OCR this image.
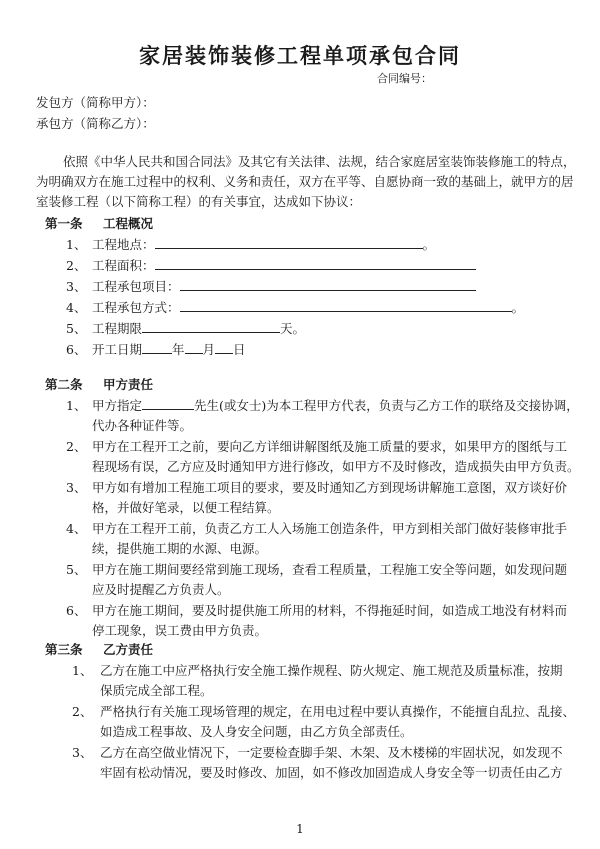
家居装饰装修工程单项承包合同
合同编号：
发包方（简称甲方）：
承包方（简称乙方）：
依照《中华人民共和国合同法》及其它有关法律、法规，结合家庭居室装饰装修施工的特点，
为明确双方在施工过程中的权利、义务和责任，双方在平等、自愿协商一致的基础上，就甲方的居
室装修工程（以下简称工程）的有关事宜，达成如下协议：
第一条 工程概况
1、 工程地点：	。
2、 工程面积：
3、 工程承包项目：
4、 工程承包方式：	。
5、 工程期限	天。
6、 开工日期 年 月 日
第二条 甲方责任
1、 甲方指定	先生(或女士)为本工程甲方代表，负责与乙方工作的联络及交接协调，
代办各种证件等。
2、 甲方在工程开工之前，要向乙方详细讲解图纸及施工质量的要求，如果甲方的图纸与工
程现场有误，乙方应及时通知甲方进行修改，如甲方不及时修改，造成损失由甲方负责。
3、 甲方如有增加工程施工项目的要求，要及时通知乙方到现场讲解施工意图，双方谈好价
格，并做好笔录，以便工程结算。
4、 甲方在工程开工前，负责乙方工人入场施工创造条件，甲方到相关部门做好装修审批手
续，提供施工期的水源、电源。
5、 甲方在施工期间要经常到施工现场，查看工程质量，工程施工安全等问题，如发现问题
应及时提醒乙方负责人。
6、 甲方在施工期间，要及时提供施工所用的材料，不得拖延时间，如造成工地没有材料而
停工现象，误工费由甲方负责。
第三条 乙方责任
1、 乙方在施工中应严格执行安全施工操作规程、防火规定、施工规范及质量标准，按期
保质完成全部工程。
2、 严格执行有关施工现场管理的规定，在用电过程中要认真操作，不能擅自乱拉、乱接、
如造成工程事故、及人身安全问题，由乙方负全部责任。
3、 乙方在高空做业情况下，一定要检查脚手架、木架、及木楼梯的牢固状况，如发现不
牢固有松动情况，要及时修改、加固，如不修改加固造成人身安全等一切责任由乙方
1
